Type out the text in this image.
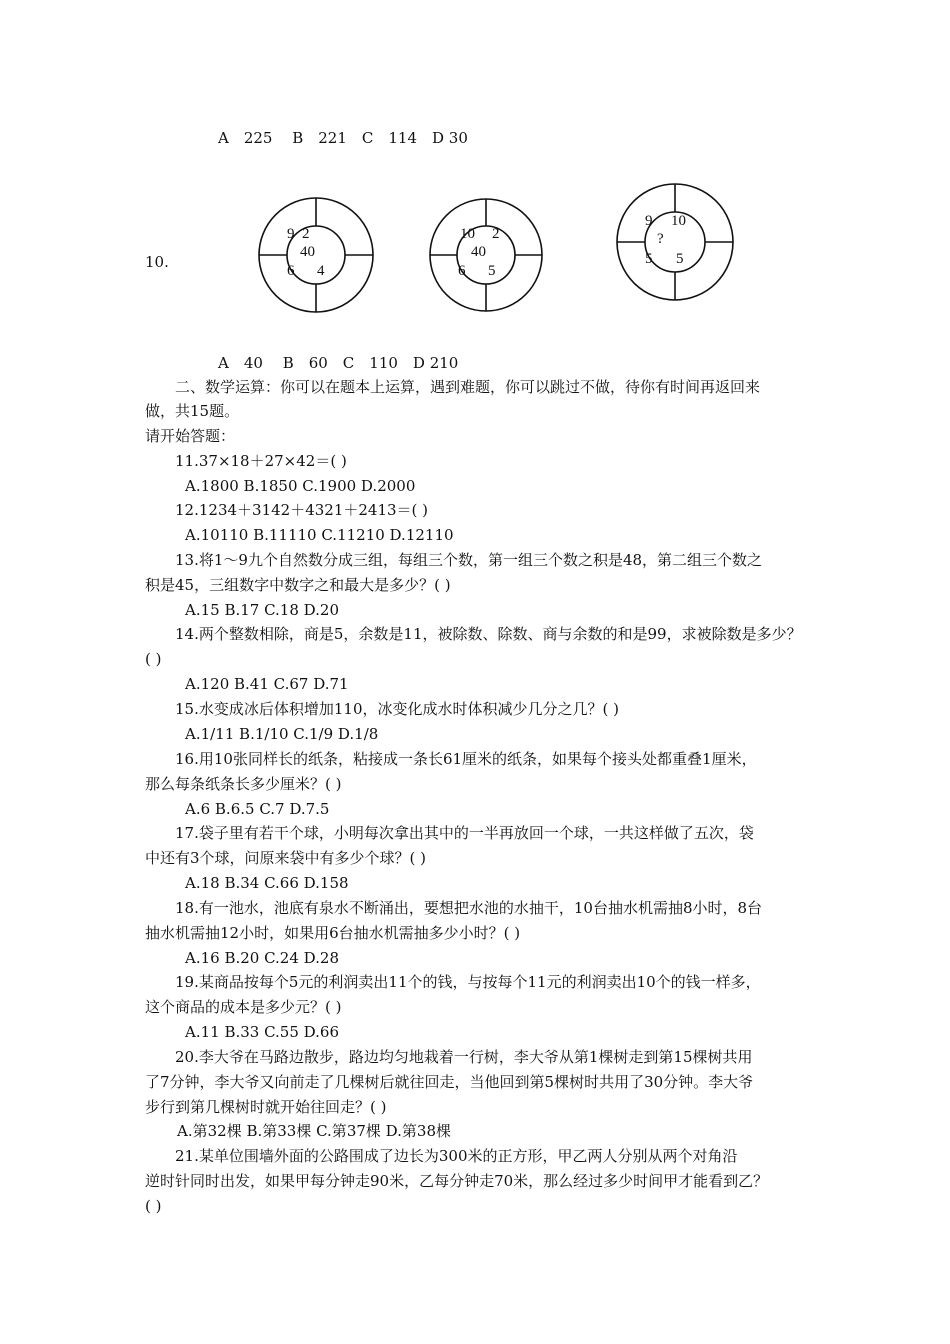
A　225　 B　221　C　114　D 30
10.
9 2
40
6 4
10 2
40
6 5
9 10
?
5 5
A　40　 B　60　C　110　D 210
二、数学运算：你可以在题本上运算，遇到难题，你可以跳过不做，待你有时间再返回来
做，共15题。
请开始答题：
11.37×18＋27×42＝( )
A.1800 B.1850 C.1900 D.2000
12.1234＋3142＋4321＋2413＝( )
A.10110 B.11110 C.11210 D.12110
13.将1～9九个自然数分成三组，每组三个数，第一组三个数之积是48，第二组三个数之
积是45，三组数字中数字之和最大是多少？( )
A.15 B.17 C.18 D.20
14.两个整数相除，商是5，余数是11，被除数、除数、商与余数的和是99，求被除数是多少？
( )
A.120 B.41 C.67 D.71
15.水变成冰后体积增加110，冰变化成水时体积减少几分之几？( )
A.1/11 B.1/10 C.1/9 D.1/8
16.用10张同样长的纸条，粘接成一条长61厘米的纸条，如果每个接头处都重叠1厘米，
那么每条纸条长多少厘米？( )
A.6 B.6.5 C.7 D.7.5
17.袋子里有若干个球，小明每次拿出其中的一半再放回一个球，一共这样做了五次，袋
中还有3个球，问原来袋中有多少个球？( )
A.18 B.34 C.66 D.158
18.有一池水，池底有泉水不断涌出，要想把水池的水抽干，10台抽水机需抽8小时，8台
抽水机需抽12小时，如果用6台抽水机需抽多少小时？( )
A.16 B.20 C.24 D.28
19.某商品按每个5元的利润卖出11个的钱，与按每个11元的利润卖出10个的钱一样多，
这个商品的成本是多少元？( )
A.11 B.33 C.55 D.66
20.李大爷在马路边散步，路边均匀地栽着一行树，李大爷从第1棵树走到第15棵树共用
了7分钟，李大爷又向前走了几棵树后就往回走，当他回到第5棵树时共用了30分钟。李大爷
步行到第几棵树时就开始往回走？( )
A.第32棵 B.第33棵 C.第37棵 D.第38棵
21.某单位围墙外面的公路围成了边长为300米的正方形，甲乙两人分别从两个对角沿
逆时针同时出发，如果甲每分钟走90米，乙每分钟走70米，那么经过多少时间甲才能看到乙？
( )
